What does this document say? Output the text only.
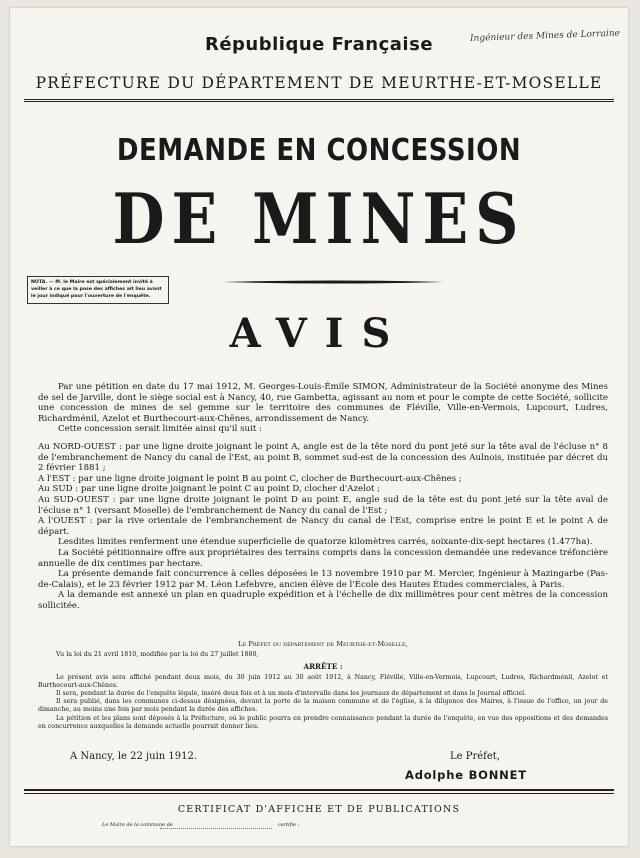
République Française	Ingénieur des Mines de Lorraine
PRÉFECTURE DU DÉPARTEMENT DE MEURTHE-ET-MOSELLE
DEMANDE EN CONCESSION
DE MINES
NOTA. — M. le Maire est spécialement invité à veiller à ce que la pose des affiches ait lieu avant le jour indiqué pour l'ouverture de l'enquête.
AVIS

Par une pétition en date du 17 mai 1912, M. Georges-Louis-Émile SIMON, Administrateur de la Société anonyme des Mines de sel de Jarville, dont le siège social est à Nancy, 40, rue Gambetta, agissant au nom et pour le compte de cette Société, sollicite une concession de mines de sel gemme sur le territoire des communes de Fléville, Ville-en-Vermois, Lupcourt, Ludres, Richardménil, Azelot et Burthecourt-aux-Chênes, arrondissement de Nancy.

Cette concession serait limitée ainsi qu'il suit :

Au NORD-OUEST : par une ligne droite joignant le point A, angle est de la tête nord du pont jeté sur la tête aval de l'écluse n° 8 de l'embranchement de Nancy du canal de l'Est, au point B, sommet sud-est de la concession des Aulnois, instituée par décret du 2 février 1881 ;

A l'EST : par une ligne droite joignant le point B au point C, clocher de Burthecourt-aux-Chênes ;

Au SUD : par une ligne droite joignant le point C au point D, clocher d'Azelot ;

Au SUD-OUEST : par une ligne droite joignant le point D au point E, angle sud de la tête est du pont jeté sur la tête aval de l'écluse n° 1 (versant Moselle) de l'embranchement de Nancy du canal de l'Est ;

A l'OUEST : par la rive orientale de l'embranchement de Nancy du canal de l'Est, comprise entre le point E et le point A de départ.

Lesdites limites renferment une étendue superficielle de quatorze kilomètres carrés, soixante-dix-sept hectares (1.477ha).

La Société pétitionnaire offre aux propriétaires des terrains compris dans la concession demandée une redevance tréfoncière annuelle de dix centimes par hectare.

La présente demande fait concurrence à celles déposées le 13 novembre 1910 par M. Mercier, Ingénieur à Mazingarbe (Pas-de-Calais), et le 23 février 1912 par M. Léon Lefebvre, ancien élève de l'École des Hautes Études commerciales, à Paris.

A la demande est annexé un plan en quadruple expédition et à l'échelle de dix millimètres pour cent mètres de la concession sollicitée.

Le Préfet du département de Meurthe-et-Moselle,

Vu la loi du 21 avril 1810, modifiée par la loi du 27 juillet 1880,

ARRÊTE :

Le présent avis sera affiché pendant deux mois, du 30 juin 1912 au 30 août 1912, à Nancy, Fléville, Ville-en-Vermois, Lupcourt, Ludres, Richardménil, Azelot et Burthecourt-aux-Chênes.

Il sera, pendant la durée de l'enquête légale, inséré deux fois et à un mois d'intervalle dans les journaux de département et dans le Journal officiel.

Il sera publié, dans les communes ci-dessus désignées, devant la porte de la maison commune et de l'église, à la diligence des Maires, à l'issue de l'office, un jour de dimanche, au moins une fois par mois pendant la durée des affiches.

La pétition et les plans sont déposés à la Préfecture, où le public pourra en prendre connaissance pendant la durée de l'enquête, en vue des oppositions et des demandes en concurrence auxquelles la demande actuelle pourrait donner lieu.

A Nancy, le 22 juin 1912.	Le Préfet,
Adolphe BONNET
CERTIFICAT D'AFFICHE ET DE PUBLICATIONS
Le Maire de la commune de	certifie :
